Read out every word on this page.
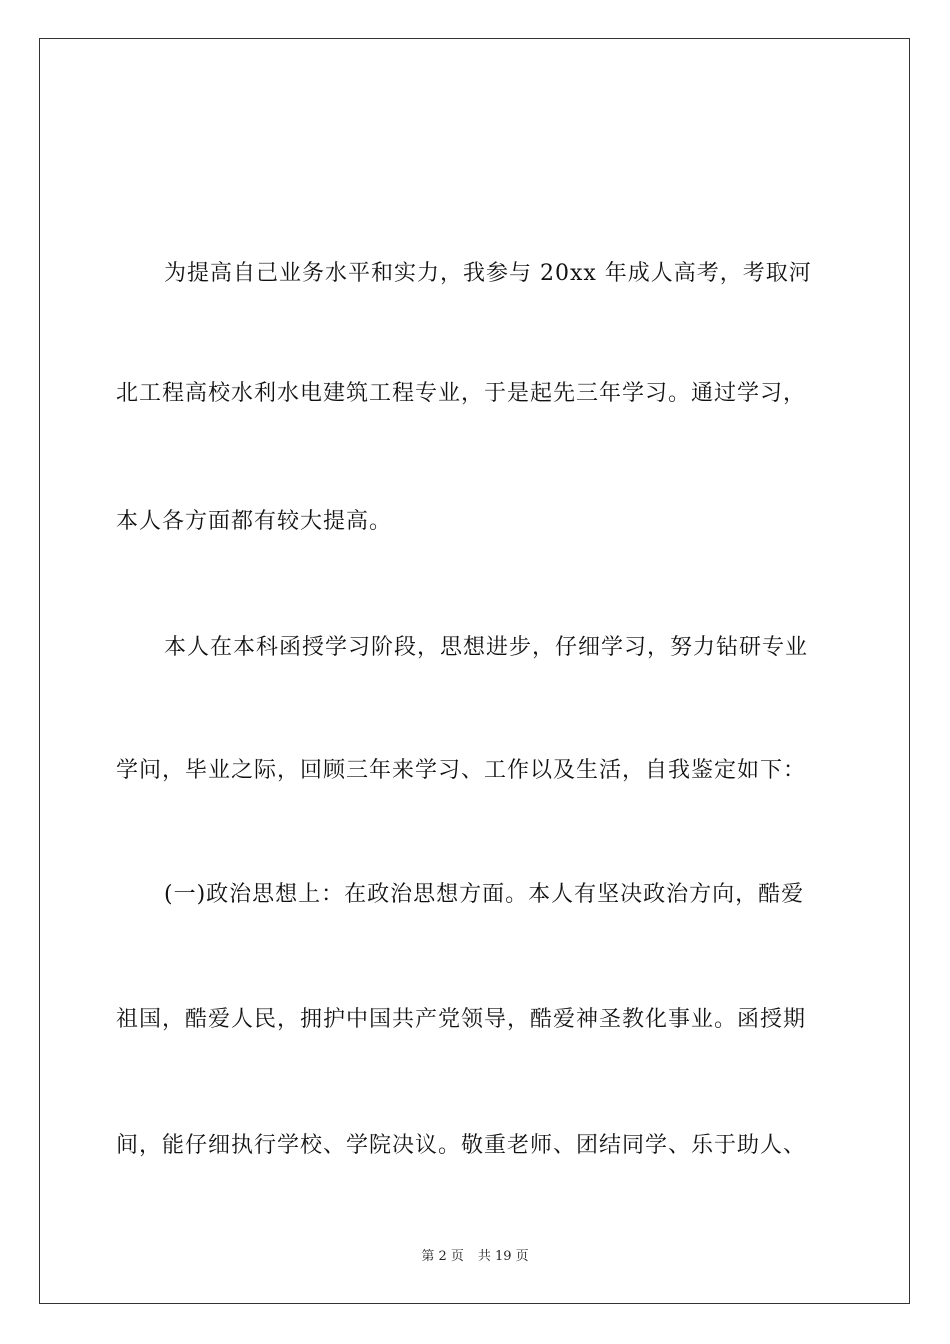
为提高自己业务水平和实力，我参与 20xx 年成人高考，考取河
北工程高校水利水电建筑工程专业，于是起先三年学习。通过学习，
本人各方面都有较大提高。
本人在本科函授学习阶段，思想进步，仔细学习，努力钻研专业
学问，毕业之际，回顾三年来学习、工作以及生活，自我鉴定如下：
(一)政治思想上：在政治思想方面。本人有坚决政治方向，酷爱
祖国，酷爱人民，拥护中国共产党领导，酷爱神圣教化事业。函授期
间，能仔细执行学校、学院决议。敬重老师、团结同学、乐于助人、
第 2 页 共 19 页
